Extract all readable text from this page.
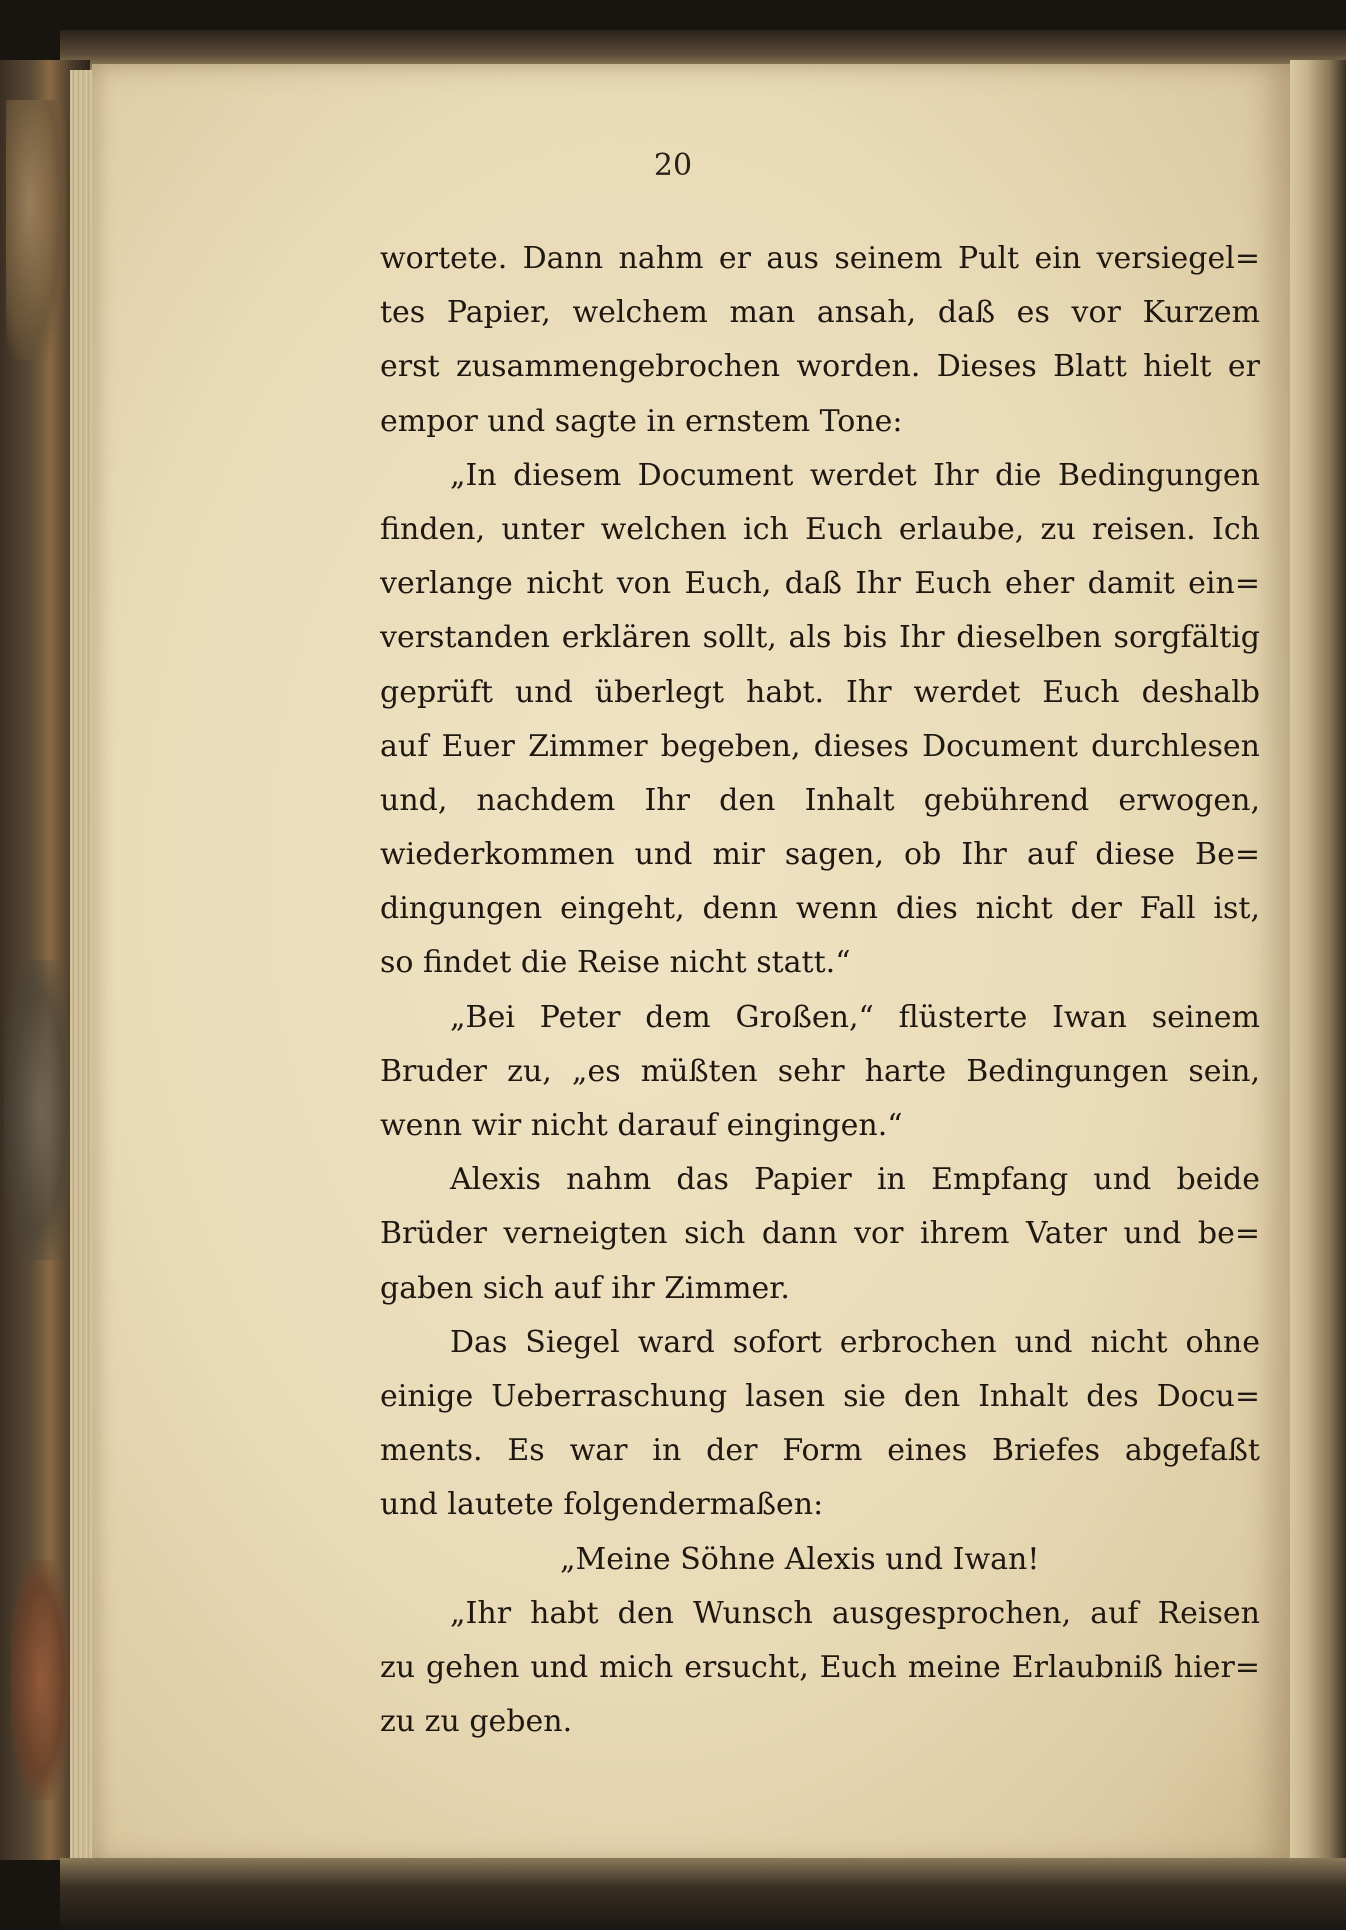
20
wortete. Dann nahm er aus seinem Pult ein versiegel=
tes Papier, welchem man ansah, daß es vor Kurzem
erst zusammengebrochen worden. Dieses Blatt hielt er
empor und sagte in ernstem Tone:
„In diesem Document werdet Ihr die Bedingungen
finden, unter welchen ich Euch erlaube, zu reisen. Ich
verlange nicht von Euch, daß Ihr Euch eher damit ein=
verstanden erklären sollt, als bis Ihr dieselben sorgfältig
geprüft und überlegt habt. Ihr werdet Euch deshalb
auf Euer Zimmer begeben, dieses Document durchlesen
und, nachdem Ihr den Inhalt gebührend erwogen,
wiederkommen und mir sagen, ob Ihr auf diese Be=
dingungen eingeht, denn wenn dies nicht der Fall ist,
so findet die Reise nicht statt.“
„Bei Peter dem Großen,“ flüsterte Iwan seinem
Bruder zu, „es müßten sehr harte Bedingungen sein,
wenn wir nicht darauf eingingen.“
Alexis nahm das Papier in Empfang und beide
Brüder verneigten sich dann vor ihrem Vater und be=
gaben sich auf ihr Zimmer.
Das Siegel ward sofort erbrochen und nicht ohne
einige Ueberraschung lasen sie den Inhalt des Docu=
ments. Es war in der Form eines Briefes abgefaßt
und lautete folgendermaßen:
„Meine Söhne Alexis und Iwan!
„Ihr habt den Wunsch ausgesprochen, auf Reisen
zu gehen und mich ersucht, Euch meine Erlaubniß hier=
zu zu geben.
